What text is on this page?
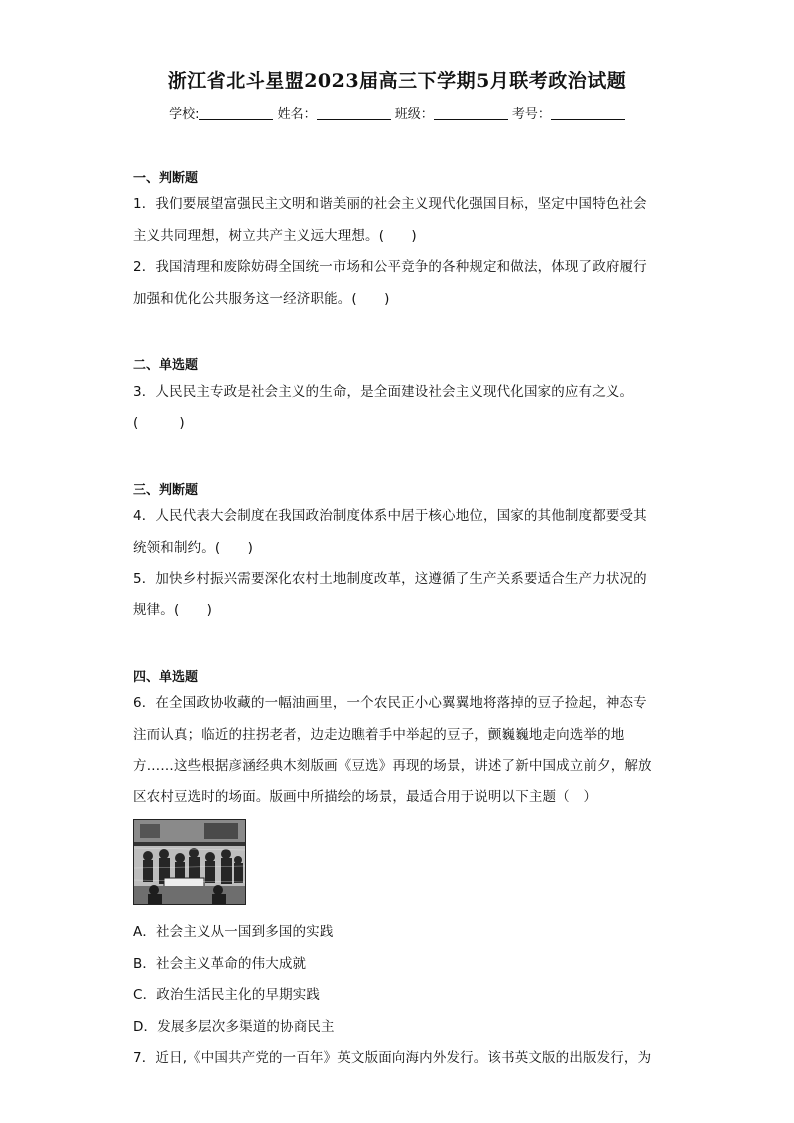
浙江省北斗星盟2023届高三下学期5月联考政治试题
学校:	姓名：	班级：	考号：
一、判断题
1．我们要展望富强民主文明和谐美丽的社会主义现代化强国目标，坚定中国特色社会
主义共同理想，树立共产主义远大理想。(　　)
2．我国清理和废除妨碍全国统一市场和公平竞争的各种规定和做法，体现了政府履行
加强和优化公共服务这一经济职能。(　　)
二、单选题
3．人民民主专政是社会主义的生命，是全面建设社会主义现代化国家的应有之义。
(　　　)
三、判断题
4．人民代表大会制度在我国政治制度体系中居于核心地位，国家的其他制度都要受其
统领和制约。(　　)
5．加快乡村振兴需要深化农村土地制度改革，这遵循了生产关系要适合生产力状况的
规律。(　　)
四、单选题
6．在全国政协收藏的一幅油画里，一个农民正小心翼翼地将落掉的豆子捡起，神态专
注而认真；临近的拄拐老者，边走边瞧着手中举起的豆子，颤巍巍地走向选举的地
方……这些根据彦涵经典木刻版画《豆选》再现的场景，讲述了新中国成立前夕，解放
区农村豆选时的场面。版画中所描绘的场景，最适合用于说明以下主题（　）
A．社会主义从一国到多国的实践
B．社会主义革命的伟大成就
C．政治生活民主化的早期实践
D．发展多层次多渠道的协商民主
7．近日,《中国共产党的一百年》英文版面向海内外发行。该书英文版的出版发行，为
